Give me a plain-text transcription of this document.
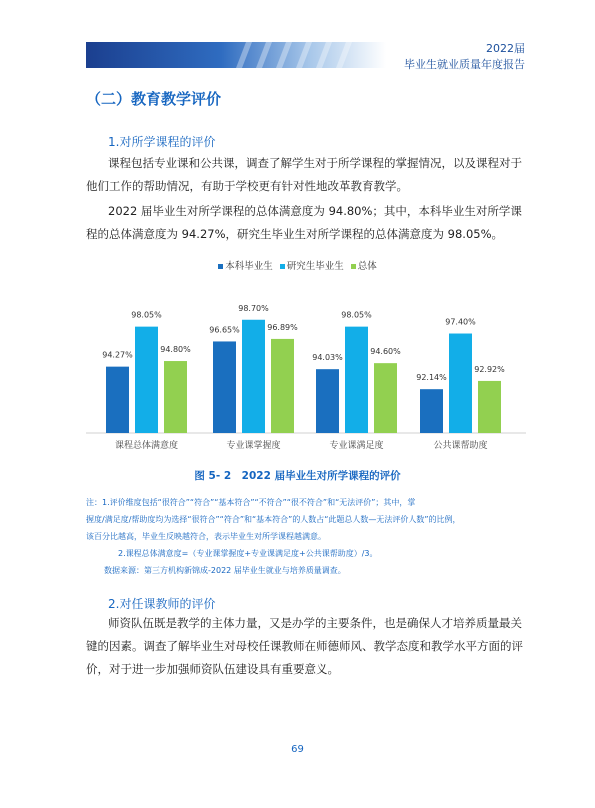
2022届
毕业生就业质量年度报告
（二）教育教学评价
1.对所学课程的评价

课程包括专业课和公共课，调查了解学生对于所学课程的掌握情况，以及课程对于他们工作的帮助情况，有助于学校更有针对性地改革教育教学。

2022 届毕业生对所学课程的总体满意度为 94.80%；其中，本科毕业生对所学课程的总体满意度为 94.27%，研究生毕业生对所学课程的总体满意度为 98.05%。

本科毕业生 研究生毕业生 总体
94.27%
98.05%
94.80%
课程总体满意度
96.65%
98.70%
96.89%
专业课掌握度
94.03%
98.05%
94.60%
专业课满足度
92.14%
97.40%
92.92%
公共课帮助度
图 5- 2　2022 届毕业生对所学课程的评价
注：1.评价维度包括“很符合”“符合”“基本符合”“不符合”“很不符合”和“无法评价”；其中，掌
握度/满足度/帮助度均为选择“很符合”“符合”和“基本符合”的人数占“此题总人数—无法评价人数”的比例，
该百分比越高，毕业生反映越符合，表示毕业生对所学课程越满意。
2.课程总体满意度=（专业课掌握度+专业课满足度+公共课帮助度）/3。
数据来源：第三方机构新锦成-2022 届毕业生就业与培养质量调查。
2.对任课教师的评价

师资队伍既是教学的主体力量，又是办学的主要条件，也是确保人才培养质量最关键的因素。调查了解毕业生对母校任课教师在师德师风、教学态度和教学水平方面的评价，对于进一步加强师资队伍建设具有重要意义。

69
